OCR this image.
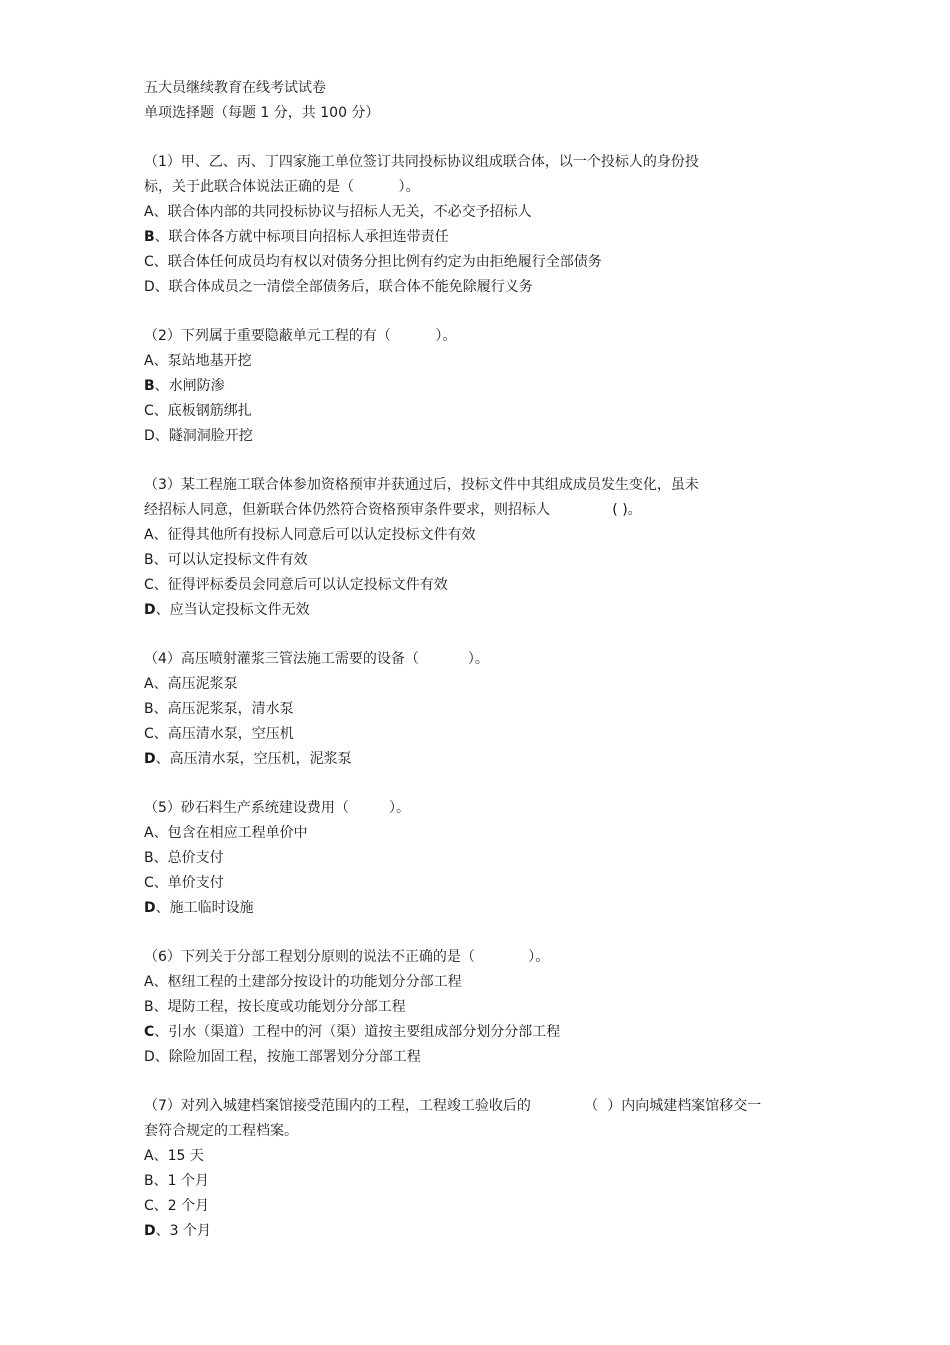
五大员继续教育在线考试试卷

单项选择题（每题 1 分，共 100 分）

（1）甲、乙、丙、丁四家施工单位签订共同投标协议组成联合体，以一个投标人的身份投
标，关于此联合体说法正确的是（          ）。

A、联合体内部的共同投标协议与招标人无关，不必交予招标人

B、联合体各方就中标项目向招标人承担连带责任

C、联合体任何成员均有权以对债务分担比例有约定为由拒绝履行全部债务

D、联合体成员之一清偿全部债务后，联合体不能免除履行义务

（2）下列属于重要隐蔽单元工程的有（          ）。

A、泵站地基开挖

B、水闸防渗

C、底板钢筋绑扎

D、隧洞洞脸开挖

（3）某工程施工联合体参加资格预审并获通过后，投标文件中其组成成员发生变化，虽未
经招标人同意，但新联合体仍然符合资格预审条件要求，则招标人              ( )。

A、征得其他所有投标人同意后可以认定投标文件有效

B、可以认定投标文件有效

C、征得评标委员会同意后可以认定投标文件有效

D、应当认定投标文件无效

（4）高压喷射灌浆三管法施工需要的设备（           ）。

A、高压泥浆泵

B、高压泥浆泵，清水泵

C、高压清水泵，空压机

D、高压清水泵，空压机，泥浆泵

（5）砂石料生产系统建设费用（         ）。

A、包含在相应工程单价中

B、总价支付

C、单价支付

D、施工临时设施

（6）下列关于分部工程划分原则的说法不正确的是（            ）。

A、枢纽工程的土建部分按设计的功能划分分部工程

B、堤防工程，按长度或功能划分分部工程

C、引水（渠道）工程中的河（渠）道按主要组成部分划分分部工程

D、除险加固工程，按施工部署划分分部工程

（7）对列入城建档案馆接受范围内的工程，工程竣工验收后的            （  ）内向城建档案馆移交一
套符合规定的工程档案。

A、15 天

B、1 个月

C、2 个月

D、3 个月
